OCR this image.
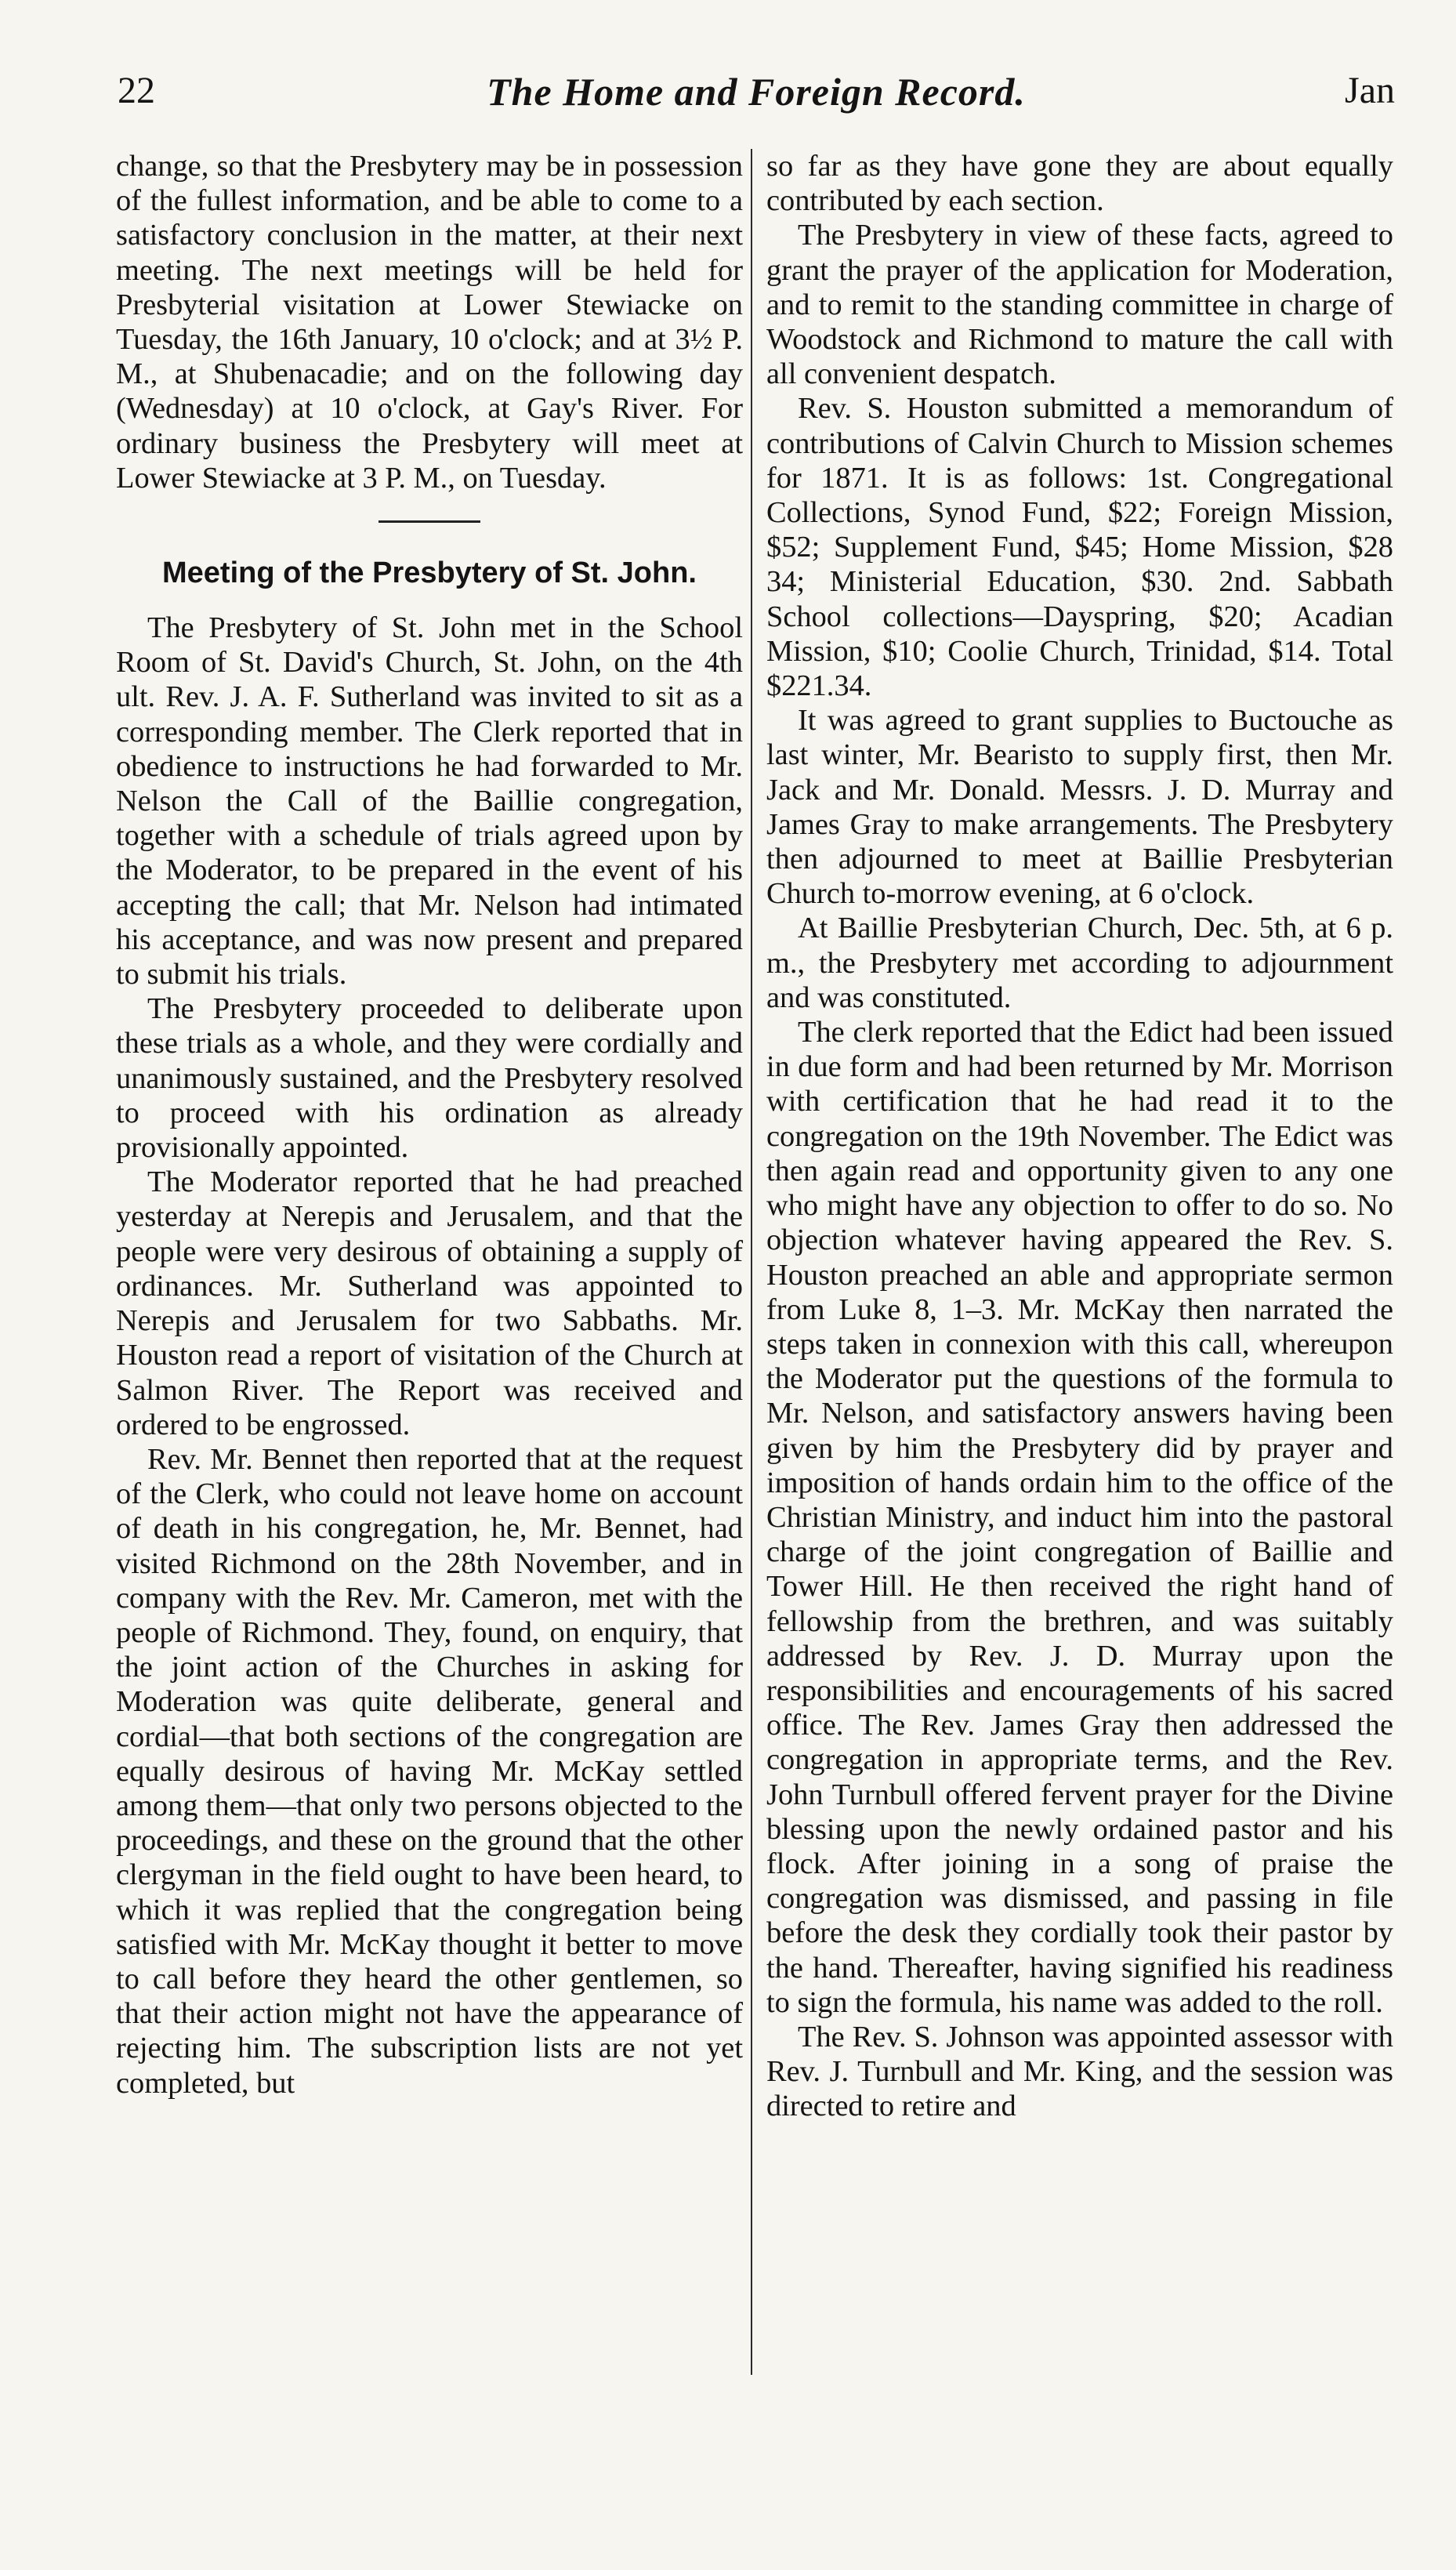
22	The Home and Foreign Record.	Jan

change, so that the Presbytery may be in possession of the fullest information, and be able to come to a satisfactory conclusion in the matter, at their next meeting. The next meetings will be held for Presbyterial visitation at Lower Stewiacke on Tuesday, the 16th January, 10 o'clock; and at 3½ P. M., at Shubenacadie; and on the following day (Wednesday) at 10 o'clock, at Gay's River. For ordinary business the Presbytery will meet at Lower Stewiacke at 3 P. M., on Tuesday.

Meeting of the Presbytery of St. John.

The Presbytery of St. John met in the School Room of St. David's Church, St. John, on the 4th ult. Rev. J. A. F. Sutherland was invited to sit as a corresponding member. The Clerk reported that in obedience to instructions he had forwarded to Mr. Nelson the Call of the Baillie congregation, together with a schedule of trials agreed upon by the Moderator, to be prepared in the event of his accepting the call; that Mr. Nelson had intimated his acceptance, and was now present and prepared to submit his trials.

The Presbytery proceeded to deliberate upon these trials as a whole, and they were cordially and unanimously sustained, and the Presbytery resolved to proceed with his ordination as already provisionally appointed.

The Moderator reported that he had preached yesterday at Nerepis and Jerusalem, and that the people were very desirous of obtaining a supply of ordinances. Mr. Sutherland was appointed to Nerepis and Jerusalem for two Sabbaths. Mr. Houston read a report of visitation of the Church at Salmon River. The Report was received and ordered to be engrossed.

Rev. Mr. Bennet then reported that at the request of the Clerk, who could not leave home on account of death in his congregation, he, Mr. Bennet, had visited Richmond on the 28th November, and in company with the Rev. Mr. Cameron, met with the people of Richmond. They, found, on enquiry, that the joint action of the Churches in asking for Moderation was quite deliberate, general and cordial—that both sections of the congregation are equally desirous of having Mr. McKay settled among them—that only two persons objected to the proceedings, and these on the ground that the other clergyman in the field ought to have been heard, to which it was replied that the congregation being satisfied with Mr. McKay thought it better to move to call before they heard the other gentlemen, so that their action might not have the appearance of rejecting him. The subscription lists are not yet completed, but

so far as they have gone they are about equally contributed by each section.

The Presbytery in view of these facts, agreed to grant the prayer of the application for Moderation, and to remit to the standing committee in charge of Woodstock and Richmond to mature the call with all convenient despatch.

Rev. S. Houston submitted a memorandum of contributions of Calvin Church to Mission schemes for 1871. It is as follows: 1st. Congregational Collections, Synod Fund, $22; Foreign Mission, $52; Supplement Fund, $45; Home Mission, $28 34; Ministerial Education, $30. 2nd. Sabbath School collections—Dayspring, $20; Acadian Mission, $10; Coolie Church, Trinidad, $14. Total $221.34.

It was agreed to grant supplies to Buctouche as last winter, Mr. Bearisto to supply first, then Mr. Jack and Mr. Donald. Messrs. J. D. Murray and James Gray to make arrangements. The Presbytery then adjourned to meet at Baillie Presbyterian Church to-morrow evening, at 6 o'clock.

At Baillie Presbyterian Church, Dec. 5th, at 6 p. m., the Presbytery met according to adjournment and was constituted.

The clerk reported that the Edict had been issued in due form and had been returned by Mr. Morrison with certification that he had read it to the congregation on the 19th November. The Edict was then again read and opportunity given to any one who might have any objection to offer to do so. No objection whatever having appeared the Rev. S. Houston preached an able and appropriate sermon from Luke 8, 1–3. Mr. McKay then narrated the steps taken in connexion with this call, whereupon the Moderator put the questions of the formula to Mr. Nelson, and satisfactory answers having been given by him the Presbytery did by prayer and imposition of hands ordain him to the office of the Christian Ministry, and induct him into the pastoral charge of the joint congregation of Baillie and Tower Hill. He then received the right hand of fellowship from the brethren, and was suitably addressed by Rev. J. D. Murray upon the responsibilities and encouragements of his sacred office. The Rev. James Gray then addressed the congregation in appropriate terms, and the Rev. John Turnbull offered fervent prayer for the Divine blessing upon the newly ordained pastor and his flock. After joining in a song of praise the congregation was dismissed, and passing in file before the desk they cordially took their pastor by the hand. Thereafter, having signified his readiness to sign the formula, his name was added to the roll.

The Rev. S. Johnson was appointed assessor with Rev. J. Turnbull and Mr. King, and the session was directed to retire and
